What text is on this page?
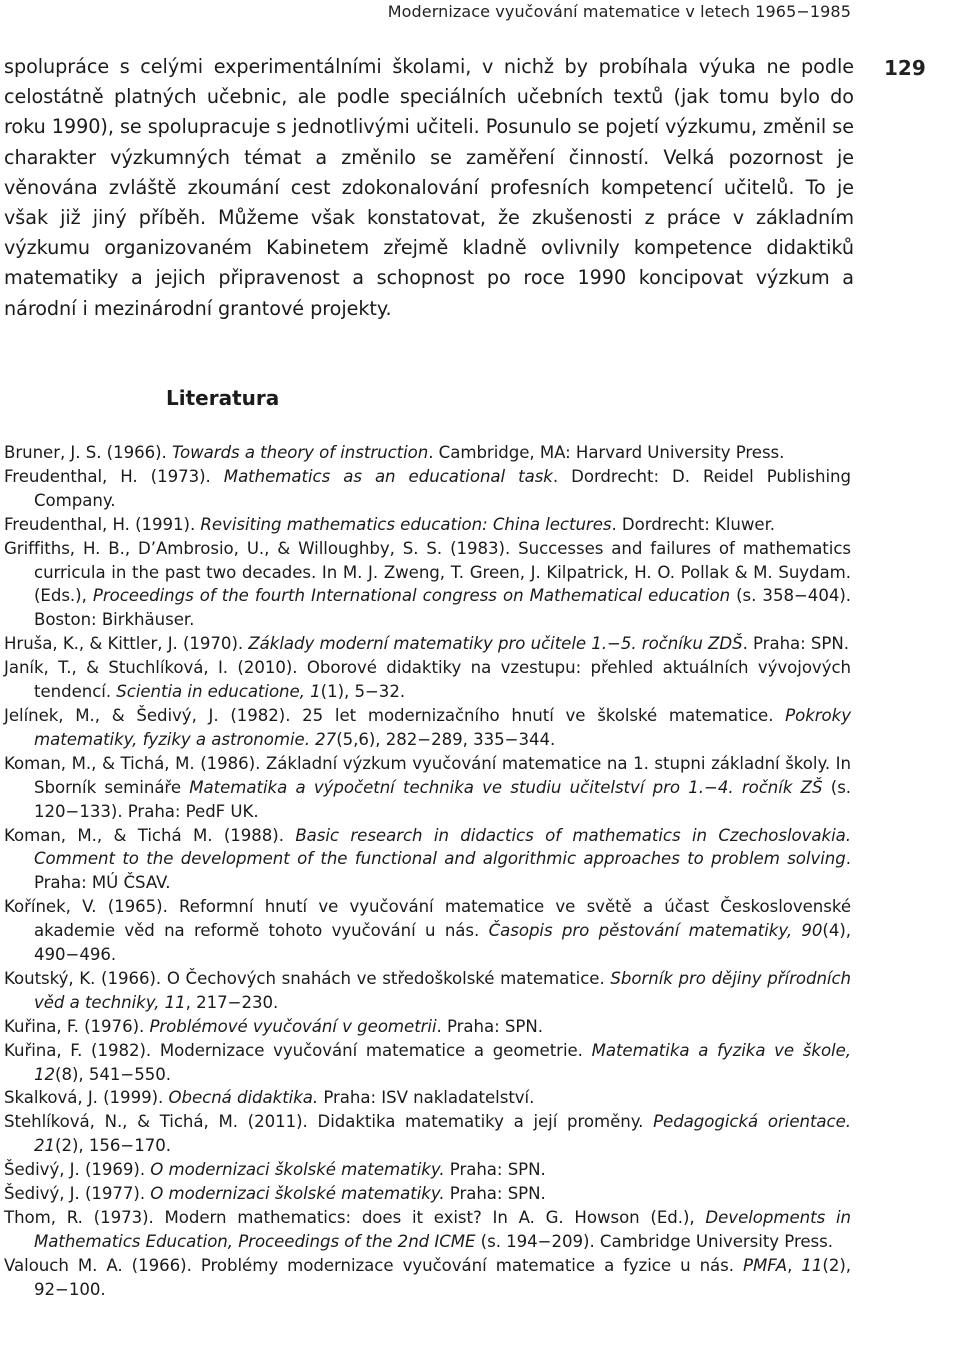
Modernizace vyučování matematice v letech 1965−1985
129

spolupráce s celými experimentálními školami, v nichž by probíhala výuka ne podle celostátně platných učebnic, ale podle speciálních učebních textů (jak tomu bylo do roku 1990), se spolupracuje s jednotlivými učiteli. Posunulo se pojetí výzkumu, změnil se charakter výzkumných témat a změnilo se zaměření činností. Velká pozornost je věnována zvláště zkoumání cest zdokonalování profesních kompetencí učitelů. To je však již jiný příběh. Můžeme však konstatovat, že zkušenosti z práce v základním výzkumu organizovaném Kabinetem zřejmě kladně ovlivnily kompetence didaktiků matematiky a jejich připravenost a schopnost po roce 1990 koncipovat výzkum a národní i mezinárodní grantové projekty.

Literatura
Bruner, J. S. (1966). Towards a theory of instruction. Cambridge, MA: Harvard University Press.
Freudenthal, H. (1973). Mathematics as an educational task. Dordrecht: D. Reidel Publishing Company.
Freudenthal, H. (1991). Revisiting mathematics education: China lectures. Dordrecht: Kluwer.
Griffiths, H. B., D’Ambrosio, U., & Willoughby, S. S. (1983). Successes and failures of mathematics curricula in the past two decades. In M. J. Zweng, T. Green, J. Kilpatrick, H. O. Pollak & M. Suydam. (Eds.), Proceedings of the fourth International congress on Mathematical education (s. 358−404). Boston: Birkhäuser.
Hruša, K., & Kittler, J. (1970). Základy moderní matematiky pro učitele 1.−5. ročníku ZDŠ. Praha: SPN.
Janík, T., & Stuchlíková, I. (2010). Oborové didaktiky na vzestupu: přehled aktuálních vývojových tendencí. Scientia in educatione, 1(1), 5−32.
Jelínek, M., & Šedivý, J. (1982). 25 let modernizačního hnutí ve školské matematice. Pokroky matematiky, fyziky a astronomie. 27(5,6), 282−289, 335−344.
Koman, M., & Tichá, M. (1986). Základní výzkum vyučování matematice na 1. stupni základní školy. In Sborník semináře Matematika a výpočetní technika ve studiu učitelství pro 1.−4. ročník ZŠ (s. 120−133). Praha: PedF UK.
Koman, M., & Tichá M. (1988). Basic research in didactics of mathematics in Czechoslovakia. Comment to the development of the functional and algorithmic approaches to problem solving. Praha: MÚ ČSAV.
Kořínek, V. (1965). Reformní hnutí ve vyučování matematice ve světě a účast Československé akademie věd na reformě tohoto vyučování u nás. Časopis pro pěstování matematiky, 90(4), 490−496.
Koutský, K. (1966). O Čechových snahách ve středoškolské matematice. Sborník pro dějiny přírodních věd a techniky, 11, 217−230.
Kuřina, F. (1976). Problémové vyučování v geometrii. Praha: SPN.
Kuřina, F. (1982). Modernizace vyučování matematice a geometrie. Matematika a fyzika ve škole, 12(8), 541−550.
Skalková, J. (1999). Obecná didaktika. Praha: ISV nakladatelství.
Stehlíková, N., & Tichá, M. (2011). Didaktika matematiky a její proměny. Pedagogická orientace. 21(2), 156−170.
Šedivý, J. (1969). O modernizaci školské matematiky. Praha: SPN.
Šedivý, J. (1977). O modernizaci školské matematiky. Praha: SPN.
Thom, R. (1973). Modern mathematics: does it exist? In A. G. Howson (Ed.), Developments in Mathematics Education, Proceedings of the 2nd ICME (s. 194−209). Cambridge University Press.
Valouch M. A. (1966). Problémy modernizace vyučování matematice a fyzice u nás. PMFA, 11(2), 92−100.
